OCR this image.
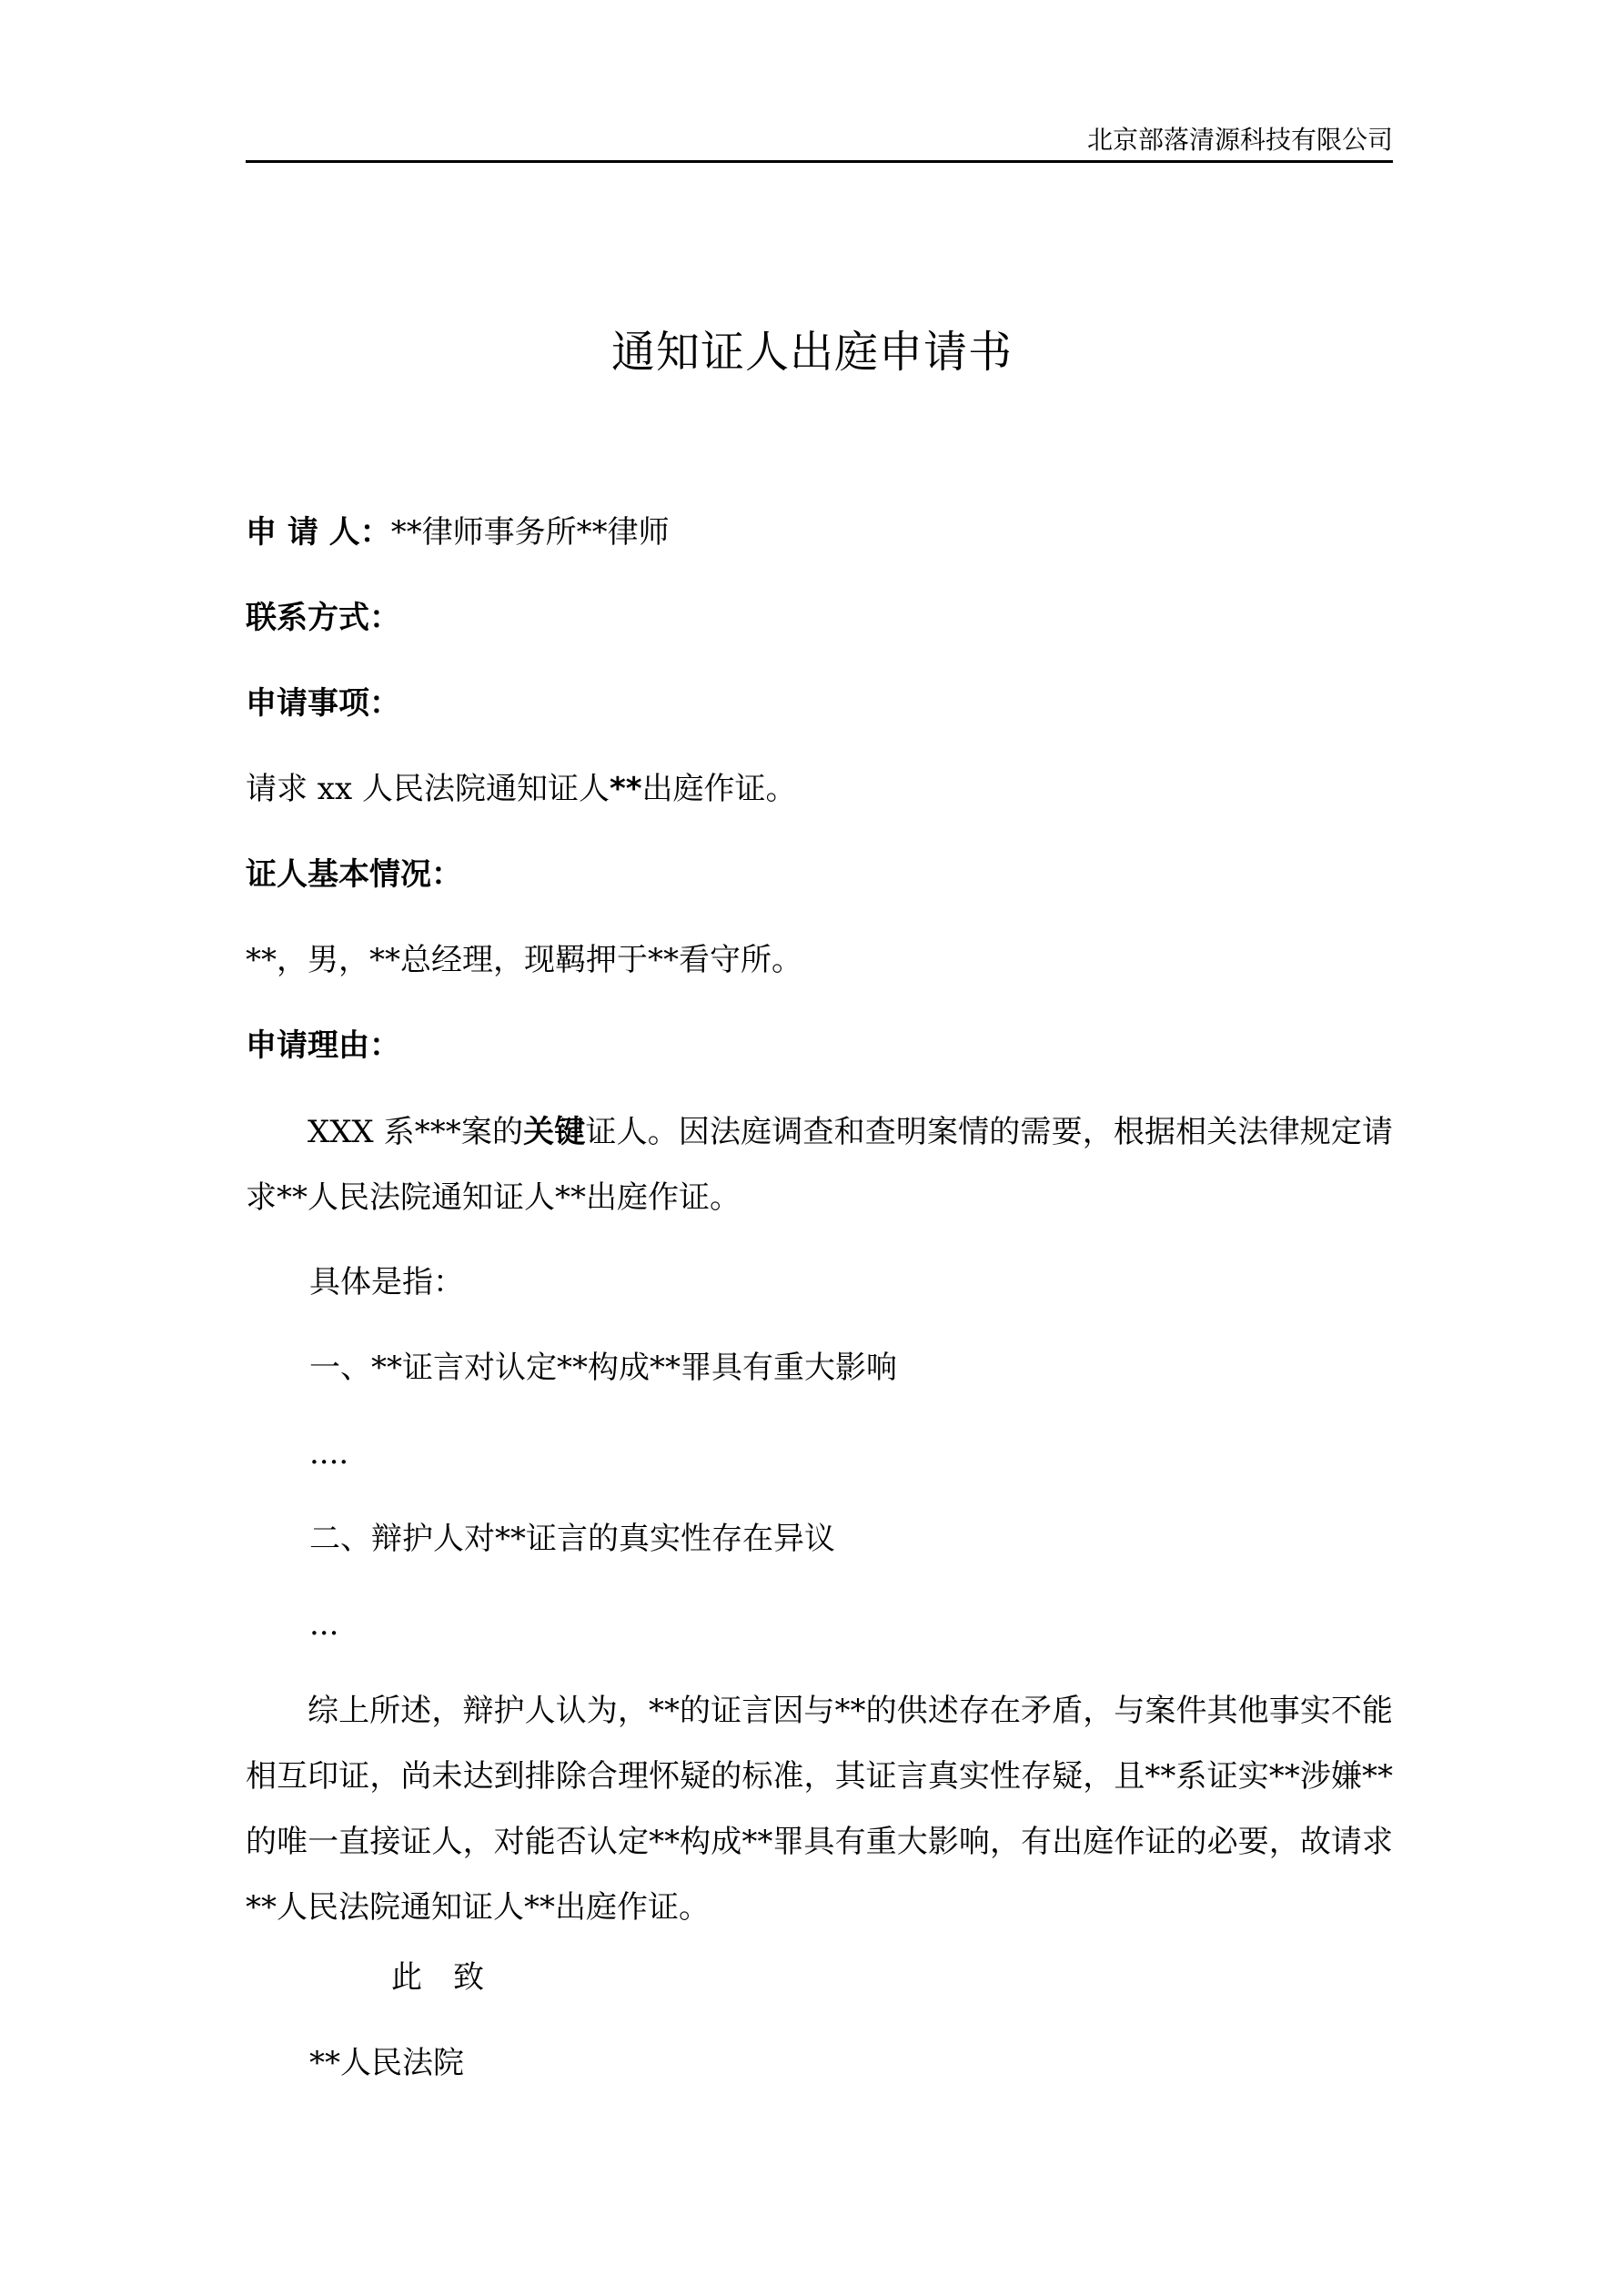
北京部落清源科技有限公司
通知证人出庭申请书
申 请 人：**律师事务所**律师
联系方式：
申请事项：
请求 xx 人民法院通知证人**出庭作证。
证人基本情况：
**，男，**总经理，现羁押于**看守所。
申请理由：
XXX 系***案的关键证人。因法庭调查和查明案情的需要，根据相关法律规定请求**人民法院通知证人**出庭作证。
具体是指：
一、**证言对认定**构成**罪具有重大影响
....
二、辩护人对**证言的真实性存在异议
...
综上所述，辩护人认为，**的证言因与**的供述存在矛盾，与案件其他事实不能相互印证，尚未达到排除合理怀疑的标准，其证言真实性存疑，且**系证实**涉嫌**的唯一直接证人，对能否认定**构成**罪具有重大影响，有出庭作证的必要，故请求**人民法院通知证人**出庭作证。
此　致
**人民法院
